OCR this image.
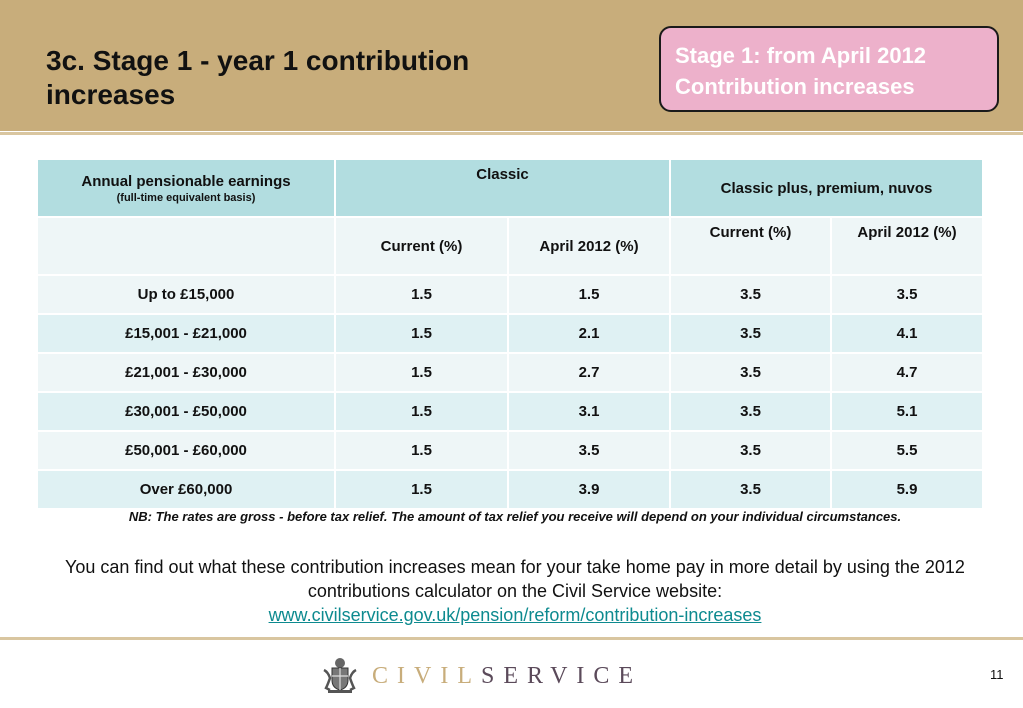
3c. Stage 1 - year 1 contribution increases
Stage 1: from April 2012
Contribution increases
Annual pensionable earnings
(full-time equivalent basis)	Classic		Classic plus, premium, nuvos	
	Current (%)	April 2012 (%)	Current (%)	April 2012 (%)
Up to £15,000	1.5	1.5	3.5	3.5
£15,001 - £21,000	1.5	2.1	3.5	4.1
£21,001 - £30,000	1.5	2.7	3.5	4.7
£30,001 - £50,000	1.5	3.1	3.5	5.1
£50,001 - £60,000	1.5	3.5	3.5	5.5
Over £60,000	1.5	3.9	3.5	5.9
NB: The rates are gross - before tax relief. The amount of tax relief you receive will depend on your individual circumstances.
You can find out what these contribution increases mean for your take home pay in more detail by using the 2012 contributions calculator on the Civil Service website:
www.civilservice.gov.uk/pension/reform/contribution-increases
CIVILSERVICE	11
